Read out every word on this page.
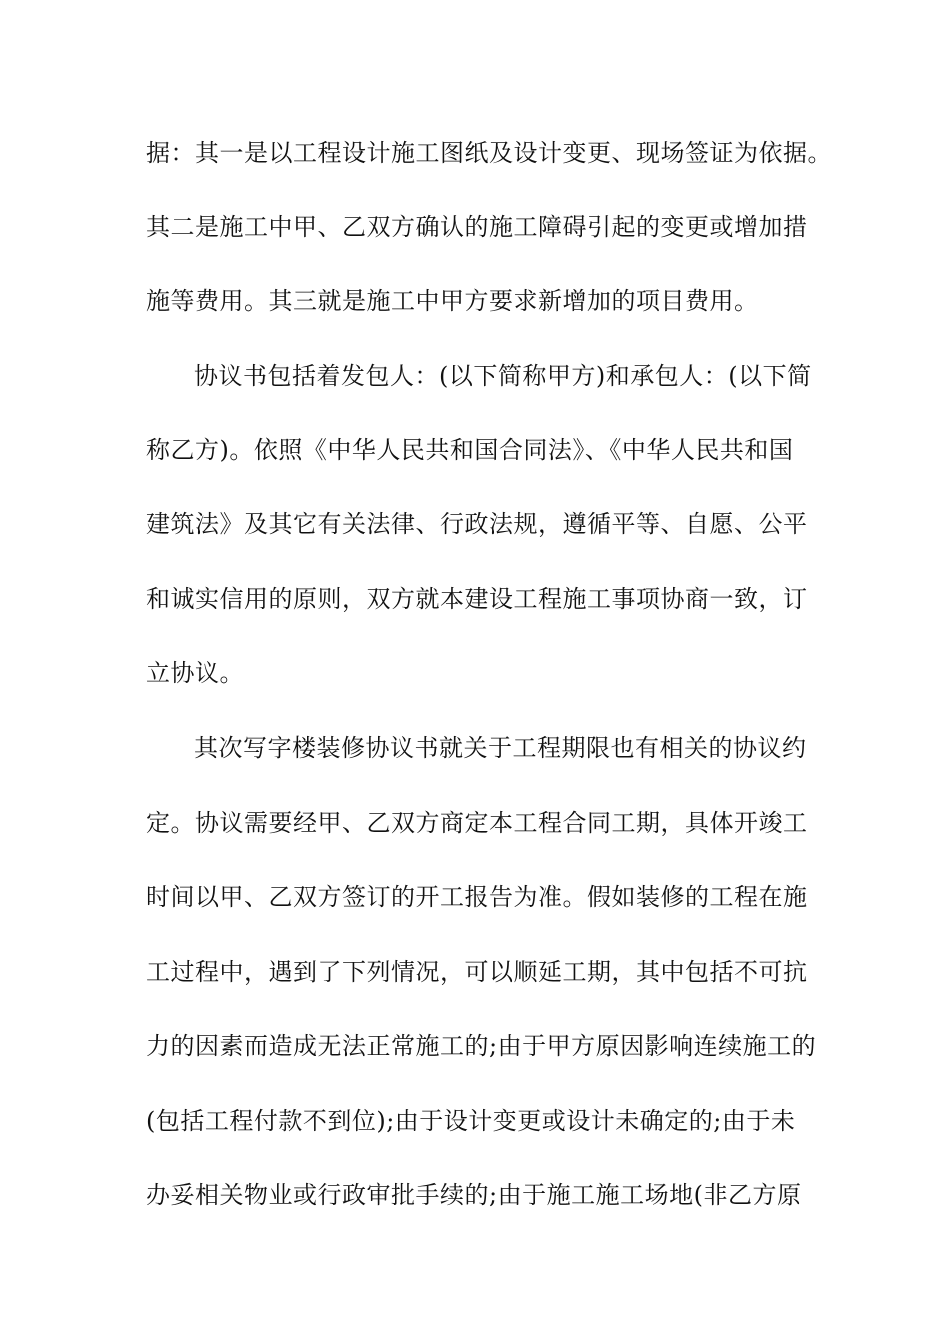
据：其一是以工程设计施工图纸及设计变更、现场签证为依据。
其二是施工中甲、乙双方确认的施工障碍引起的变更或增加措
施等费用。其三就是施工中甲方要求新增加的项目费用。
协议书包括着发包人：(以下简称甲方)和承包人：(以下简
称乙方)。依照《中华人民共和国合同法》、《中华人民共和国
建筑法》及其它有关法律、行政法规，遵循平等、自愿、公平
和诚实信用的原则，双方就本建设工程施工事项协商一致，订
立协议。
其次写字楼装修协议书就关于工程期限也有相关的协议约
定。协议需要经甲、乙双方商定本工程合同工期，具体开竣工
时间以甲、乙双方签订的开工报告为准。假如装修的工程在施
工过程中，遇到了下列情况，可以顺延工期，其中包括不可抗
力的因素而造成无法正常施工的;由于甲方原因影响连续施工的
(包括工程付款不到位);由于设计变更或设计未确定的;由于未
办妥相关物业或行政审批手续的;由于施工施工场地(非乙方原
